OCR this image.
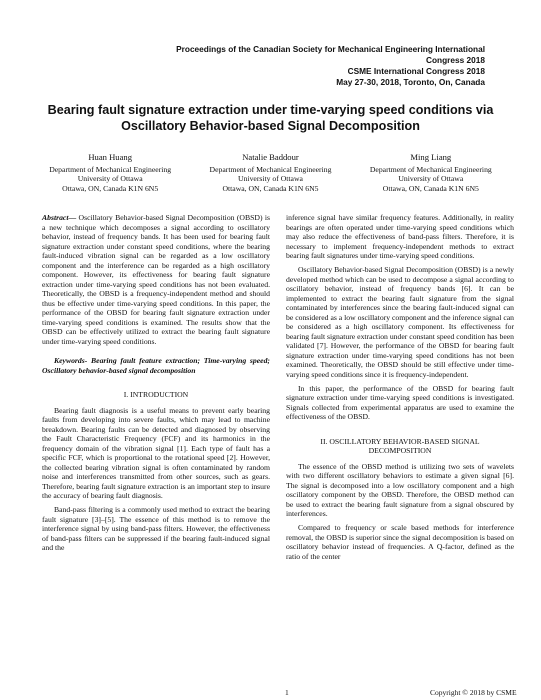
Proceedings of the Canadian Society for Mechanical Engineering International Congress 2018
CSME International Congress 2018
May 27-30, 2018, Toronto, On, Canada
Bearing fault signature extraction under time-varying speed conditions via
Oscillatory Behavior-based Signal Decomposition
Huan Huang
Department of Mechanical Engineering
University of Ottawa
Ottawa, ON, Canada K1N 6N5
Natalie Baddour
Department of Mechanical Engineering
University of Ottawa
Ottawa, ON, Canada K1N 6N5
Ming Liang
Department of Mechanical Engineering
University of Ottawa
Ottawa, ON, Canada K1N 6N5

Abstract— Oscillatory Behavior-based Signal Decomposition (OBSD) is a new technique which decomposes a signal according to oscillatory behavior, instead of frequency bands. It has been used for bearing fault signature extraction under constant speed conditions, where the bearing fault-induced vibration signal can be regarded as a low oscillatory component and the interference can be regarded as a high oscillatory component. However, its effectiveness for bearing fault signature extraction under time-varying speed conditions has not been evaluated. Theoretically, the OBSD is a frequency-independent method and should thus be effective under time-varying speed conditions. In this paper, the performance of the OBSD for bearing fault signature extraction under time-varying speed conditions is examined. The results show that the OBSD can be effectively utilized to extract the bearing fault signature under time-varying speed conditions.

Keywords- Bearing fault feature extraction; Time-varying speed; Oscillatory behavior-based signal decomposition

I. INTRODUCTION

Bearing fault diagnosis is a useful means to prevent early bearing faults from developing into severe faults, which may lead to machine breakdown. Bearing faults can be detected and diagnosed by observing the Fault Characteristic Frequency (FCF) and its harmonics in the frequency domain of the vibration signal [1]. Each type of fault has a specific FCF, which is proportional to the rotational speed [2]. However, the collected bearing vibration signal is often contaminated by random noise and interferences transmitted from other sources, such as gears. Therefore, bearing fault signature extraction is an important step to insure the accuracy of bearing fault diagnosis.

Band-pass filtering is a commonly used method to extract the bearing fault signature [3]–[5]. The essence of this method is to remove the interference signal by using band-pass filters. However, the effectiveness of band-pass filters can be suppressed if the bearing fault-induced signal and the

inference signal have similar frequency features. Additionally, in reality bearings are often operated under time-varying speed conditions which may also reduce the effectiveness of band-pass filters. Therefore, it is necessary to implement frequency-independent methods to extract bearing fault signatures under time-varying speed conditions.

Oscillatory Behavior-based Signal Decomposition (OBSD) is a newly developed method which can be used to decompose a signal according to oscillatory behavior, instead of frequency bands [6]. It can be implemented to extract the bearing fault signature from the signal contaminated by interferences since the bearing fault-induced signal can be considered as a low oscillatory component and the inference signal can be considered as a high oscillatory component. Its effectiveness for bearing fault signature extraction under constant speed condition has been validated [7]. However, the performance of the OBSD for bearing fault signature extraction under time-varying speed conditions has not been examined. Theoretically, the OBSD should be still effective under time-varying speed conditions since it is frequency-independent.

In this paper, the performance of the OBSD for bearing fault signature extraction under time-varying speed conditions is investigated. Signals collected from experimental apparatus are used to examine the effectiveness of the OBSD.

II. OSCILLATORY BEHAVIOR-BASED SIGNAL
DECOMPOSITION

The essence of the OBSD method is utilizing two sets of wavelets with two different oscillatory behaviors to estimate a given signal [6]. The signal is decomposed into a low oscillatory component and a high oscillatory component by the OBSD. Therefore, the OBSD method can be used to extract the bearing fault signature from a signal obscured by interferences.

Compared to frequency or scale based methods for interference removal, the OBSD is superior since the signal decomposition is based on oscillatory behavior instead of frequencies. A Q-factor, defined as the ratio of the center

1	Copyright © 2018 by CSME
